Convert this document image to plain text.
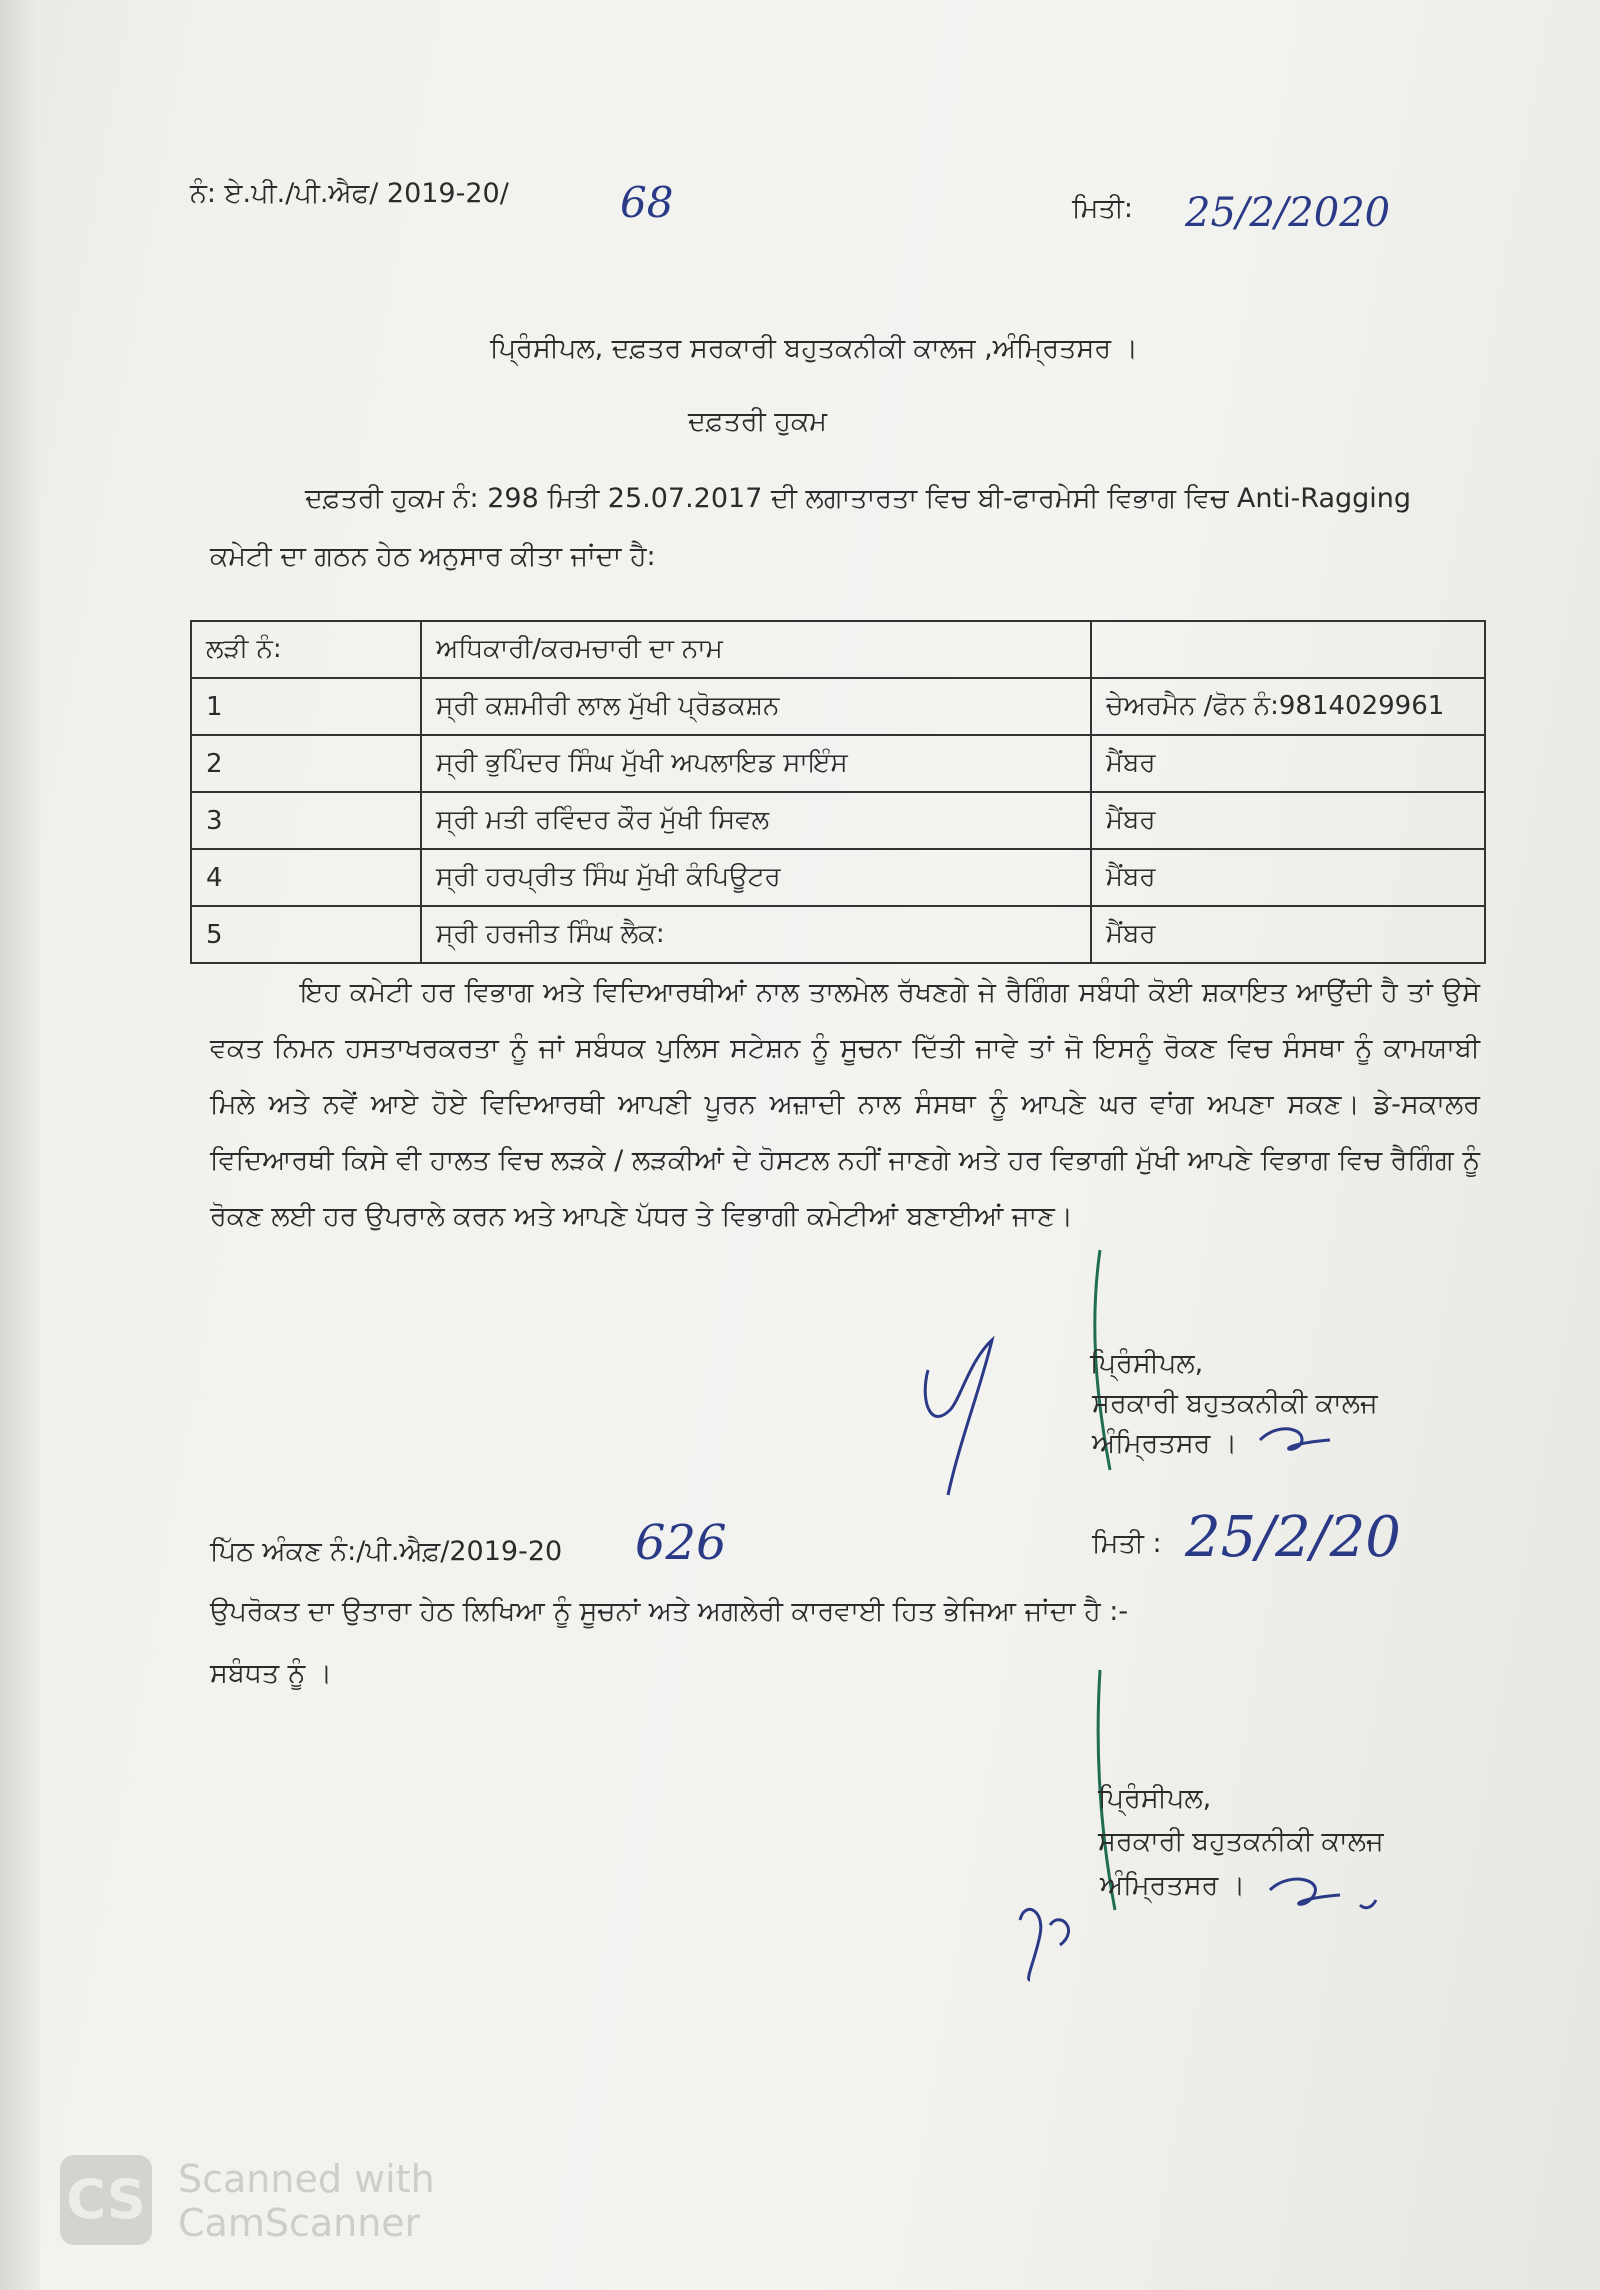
ਨੰ: ਏ.ਪੀ./ਪੀ.ਐਫ/ 2019-20/	68	ਮਿਤੀ: 25/2/2020
ਪ੍ਰਿੰਸੀਪਲ, ਦਫ਼ਤਰ ਸਰਕਾਰੀ ਬਹੁਤਕਨੀਕੀ ਕਾਲਜ ,ਅੰਮ੍ਰਿਤਸਰ ।
ਦਫ਼ਤਰੀ ਹੁਕਮ
ਦਫ਼ਤਰੀ ਹੁਕਮ ਨੰ: 298 ਮਿਤੀ 25.07.2017 ਦੀ ਲਗਾਤਾਰਤਾ ਵਿਚ ਬੀ-ਫਾਰਮੇਸੀ ਵਿਭਾਗ ਵਿਚ Anti-Ragging
ਕਮੇਟੀ ਦਾ ਗਠਨ ਹੇਠ ਅਨੁਸਾਰ ਕੀਤਾ ਜਾਂਦਾ ਹੈ:
ਲੜੀ ਨੰ:	ਅਧਿਕਾਰੀ/ਕਰਮਚਾਰੀ ਦਾ ਨਾਮ	
1	ਸ੍ਰੀ ਕਸ਼ਮੀਰੀ ਲਾਲ ਮੁੱਖੀ ਪ੍ਰੋਡਕਸ਼ਨ	ਚੇਅਰਮੈਨ /ਫੋਨ ਨੰ:9814029961
2	ਸ੍ਰੀ ਭੁਪਿੰਦਰ ਸਿੰਘ ਮੁੱਖੀ ਅਪਲਾਇਡ ਸਾਇੰਸ	ਮੈਂਬਰ
3	ਸ੍ਰੀ ਮਤੀ ਰਵਿੰਦਰ ਕੌਰ ਮੁੱਖੀ ਸਿਵਲ	ਮੈਂਬਰ
4	ਸ੍ਰੀ ਹਰਪ੍ਰੀਤ ਸਿੰਘ ਮੁੱਖੀ ਕੰਪਿਊਟਰ	ਮੈਂਬਰ
5	ਸ੍ਰੀ ਹਰਜੀਤ ਸਿੰਘ ਲੈਕ:	ਮੈਂਬਰ
ਇਹ ਕਮੇਟੀ ਹਰ ਵਿਭਾਗ ਅਤੇ ਵਿਦਿਆਰਥੀਆਂ ਨਾਲ ਤਾਲਮੇਲ ਰੱਖਣਗੇ ਜੇ ਰੈਗਿੰਗ ਸਬੰਧੀ ਕੋਈ ਸ਼ਕਾਇਤ ਆਉਂਦੀ ਹੈ ਤਾਂ ਉਸੇ ਵਕਤ ਨਿਮਨ ਹਸਤਾਖਰਕਰਤਾ ਨੂੰ ਜਾਂ ਸਬੰਧਕ ਪੁਲਿਸ ਸਟੇਸ਼ਨ ਨੂੰ ਸੂਚਨਾ ਦਿੱਤੀ ਜਾਵੇ ਤਾਂ ਜੋ ਇਸਨੂੰ ਰੋਕਣ ਵਿਚ ਸੰਸਥਾ ਨੂੰ ਕਾਮਯਾਬੀ ਮਿਲੇ ਅਤੇ ਨਵੇਂ ਆਏ ਹੋਏ ਵਿਦਿਆਰਥੀ ਆਪਣੀ ਪੂਰਨ ਅਜ਼ਾਦੀ ਨਾਲ ਸੰਸਥਾ ਨੂੰ ਆਪਣੇ ਘਰ ਵਾਂਗ ਅਪਣਾ ਸਕਣ। ਡੇ-ਸਕਾਲਰ ਵਿਦਿਆਰਥੀ ਕਿਸੇ ਵੀ ਹਾਲਤ ਵਿਚ ਲੜਕੇ / ਲੜਕੀਆਂ ਦੇ ਹੋਸਟਲ ਨਹੀਂ ਜਾਣਗੇ ਅਤੇ ਹਰ ਵਿਭਾਗੀ ਮੁੱਖੀ ਆਪਣੇ ਵਿਭਾਗ ਵਿਚ ਰੈਗਿੰਗ ਨੂੰ ਰੋਕਣ ਲਈ ਹਰ ਉਪਰਾਲੇ ਕਰਨ ਅਤੇ ਆਪਣੇ ਪੱਧਰ ਤੇ ਵਿਭਾਗੀ ਕਮੇਟੀਆਂ ਬਣਾਈਆਂ ਜਾਣ।
ਪ੍ਰਿੰਸੀਪਲ,
ਸਰਕਾਰੀ ਬਹੁਤਕਨੀਕੀ ਕਾਲਜ
ਅੰਮ੍ਰਿਤਸਰ ।
ਪਿੱਠ ਅੰਕਣ ਨੰ:/ਪੀ.ਐਫ਼/2019-20 626	ਮਿਤੀ : 25/2/20
ਉਪਰੋਕਤ ਦਾ ਉਤਾਰਾ ਹੇਠ ਲਿਖਿਆ ਨੂੰ ਸੂਚਨਾਂ ਅਤੇ ਅਗਲੇਰੀ ਕਾਰਵਾਈ ਹਿਤ ਭੇਜਿਆ ਜਾਂਦਾ ਹੈ :-
ਸਬੰਧਤ ਨੂੰ ।
ਪ੍ਰਿੰਸੀਪਲ,
ਸਰਕਾਰੀ ਬਹੁਤਕਨੀਕੀ ਕਾਲਜ
ਅੰਮ੍ਰਿਤਸਰ ।
CS Scanned with
CamScanner
